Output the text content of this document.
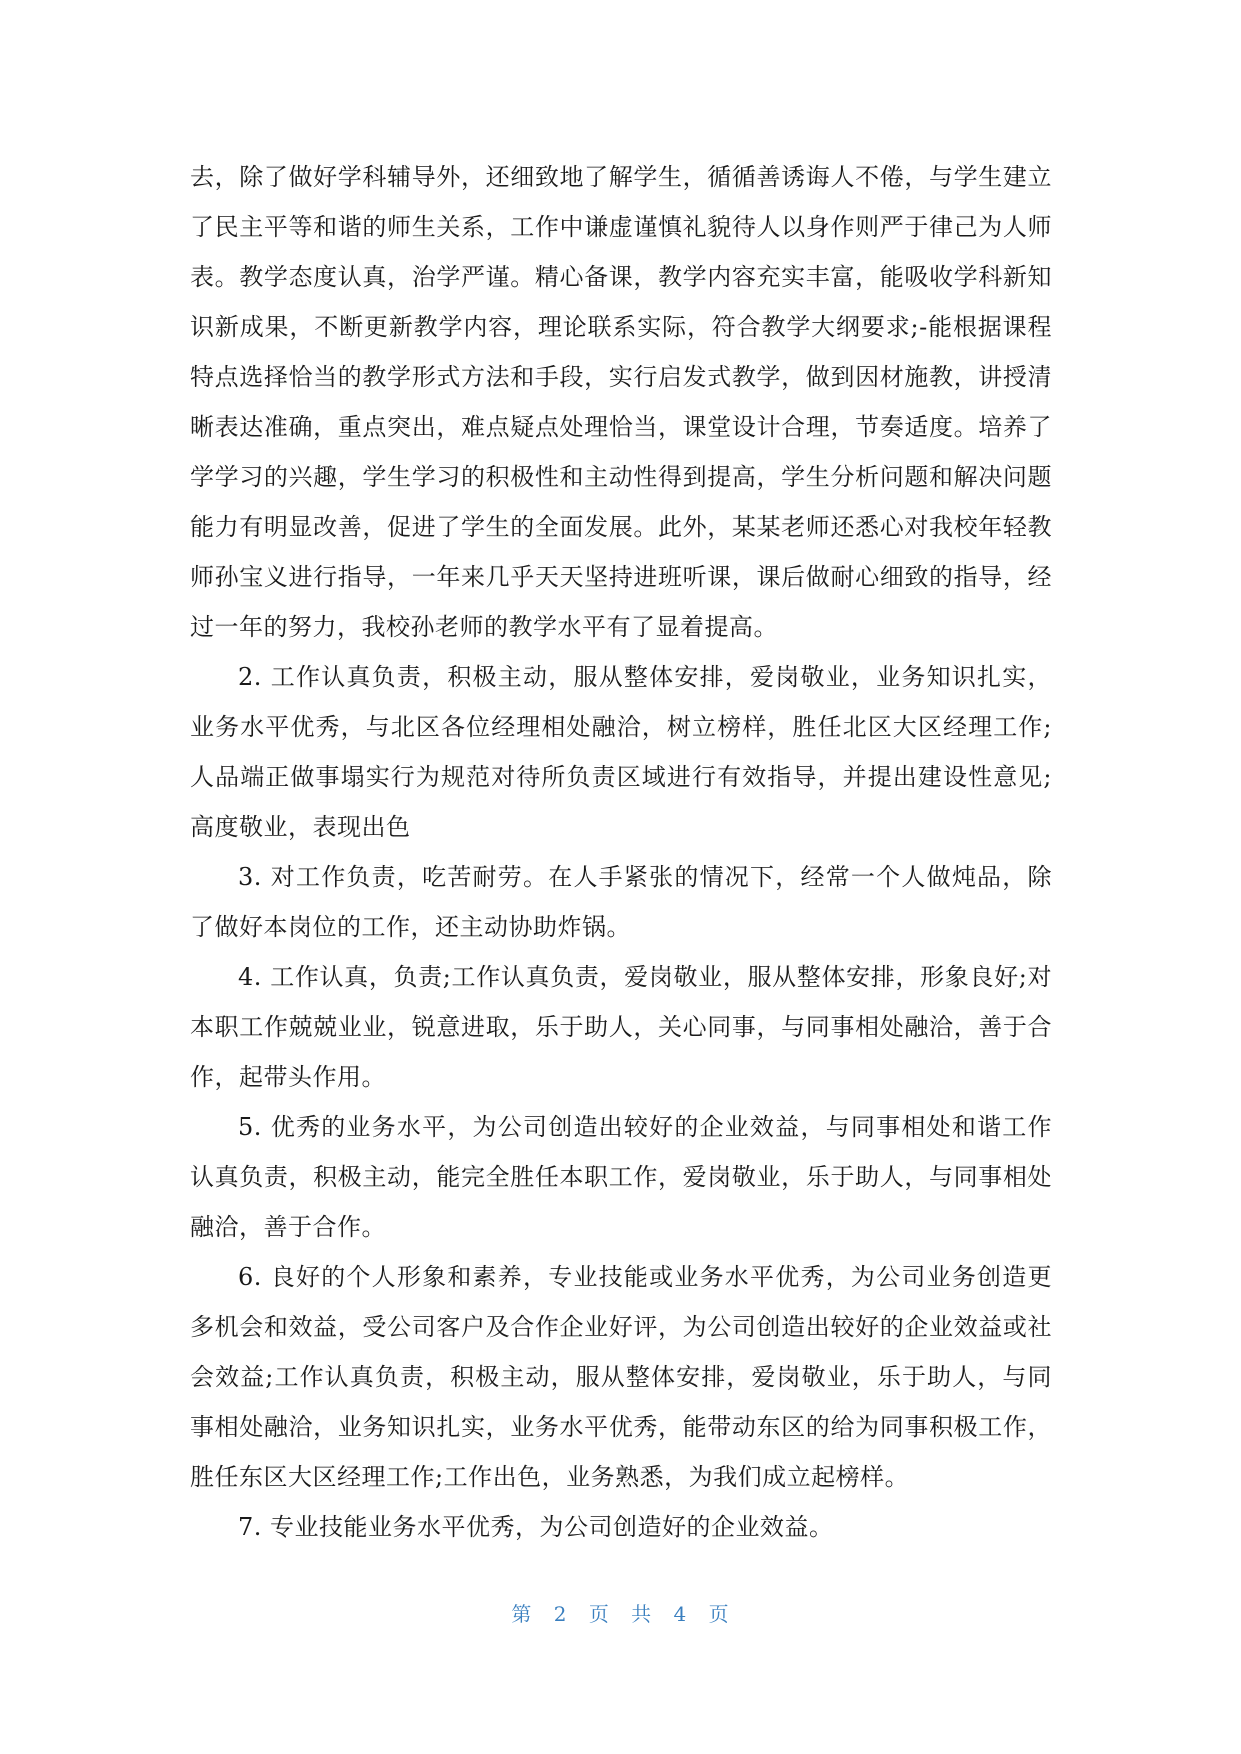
去，除了做好学科辅导外，还细致地了解学生，循循善诱诲人不倦，与学生建立了民主平等和谐的师生关系，工作中谦虚谨慎礼貌待人以身作则严于律己为人师表。教学态度认真，治学严谨。精心备课，教学内容充实丰富，能吸收学科新知识新成果，不断更新教学内容，理论联系实际，符合教学大纲要求;-能根据课程特点选择恰当的教学形式方法和手段，实行启发式教学，做到因材施教，讲授清晰表达准确，重点突出，难点疑点处理恰当，课堂设计合理，节奏适度。培养了学学习的兴趣，学生学习的积极性和主动性得到提高，学生分析问题和解决问题能力有明显改善，促进了学生的全面发展。此外，某某老师还悉心对我校年轻教师孙宝义进行指导，一年来几乎天天坚持进班听课，课后做耐心细致的指导，经过一年的努力，我校孙老师的教学水平有了显着提高。

2. 工作认真负责，积极主动，服从整体安排，爱岗敬业，业务知识扎实，业务水平优秀，与北区各位经理相处融洽，树立榜样，胜任北区大区经理工作;人品端正做事塌实行为规范对待所负责区域进行有效指导，并提出建设性意见;高度敬业，表现出色

3. 对工作负责，吃苦耐劳。在人手紧张的情况下，经常一个人做炖品，除了做好本岗位的工作，还主动协助炸锅。

4. 工作认真，负责;工作认真负责，爱岗敬业，服从整体安排，形象良好;对本职工作兢兢业业，锐意进取，乐于助人，关心同事，与同事相处融洽，善于合作，起带头作用。

5. 优秀的业务水平，为公司创造出较好的企业效益，与同事相处和谐工作认真负责，积极主动，能完全胜任本职工作，爱岗敬业，乐于助人，与同事相处融洽，善于合作。

6. 良好的个人形象和素养，专业技能或业务水平优秀，为公司业务创造更多机会和效益，受公司客户及合作企业好评，为公司创造出较好的企业效益或社会效益;工作认真负责，积极主动，服从整体安排，爱岗敬业，乐于助人，与同事相处融洽，业务知识扎实，业务水平优秀，能带动东区的给为同事积极工作，胜任东区大区经理工作;工作出色，业务熟悉，为我们成立起榜样。

7. 专业技能业务水平优秀，为公司创造好的企业效益。

第 2 页 共 4 页
